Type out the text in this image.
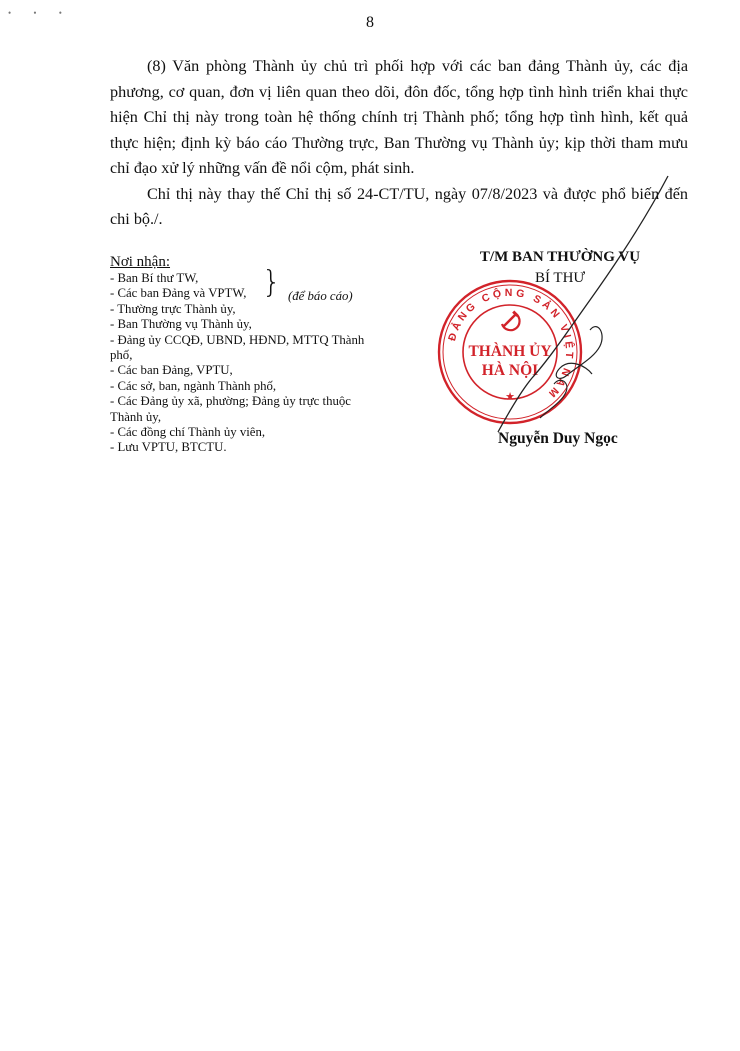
• • •
8

(8) Văn phòng Thành ủy chủ trì phối hợp với các ban đảng Thành ủy, các địa phương, cơ quan, đơn vị liên quan theo dõi, đôn đốc, tổng hợp tình hình triển khai thực hiện Chỉ thị này trong toàn hệ thống chính trị Thành phố; tổng hợp tình hình, kết quả thực hiện; định kỳ báo cáo Thường trực, Ban Thường vụ Thành ủy; kịp thời tham mưu chỉ đạo xử lý những vấn đề nổi cộm, phát sinh.

Chỉ thị này thay thế Chỉ thị số 24-CT/TU, ngày 07/8/2023 và được phổ biến đến chi bộ./.

Nơi nhận:
- Ban Bí thư TW,
- Các ban Đảng và VPTW,
- Thường trực Thành ủy,
- Ban Thường vụ Thành ủy,
- Đảng ủy CCQĐ, UBND, HĐND, MTTQ Thành phố,
- Các ban Đảng, VPTU,
- Các sở, ban, ngành Thành phố,
- Các Đảng ủy xã, phường; Đảng ủy trực thuộc Thành ủy,
- Các đồng chí Thành ủy viên,
- Lưu VPTU, BTCTU.
} (để báo cáo)
T/M BAN THƯỜNG VỤ
BÍ THƯ
ĐẢNG CỘNG SẢN VIỆT NAM
THÀNH ỦY
HÀ NỘI
★
Nguyễn Duy Ngọc
